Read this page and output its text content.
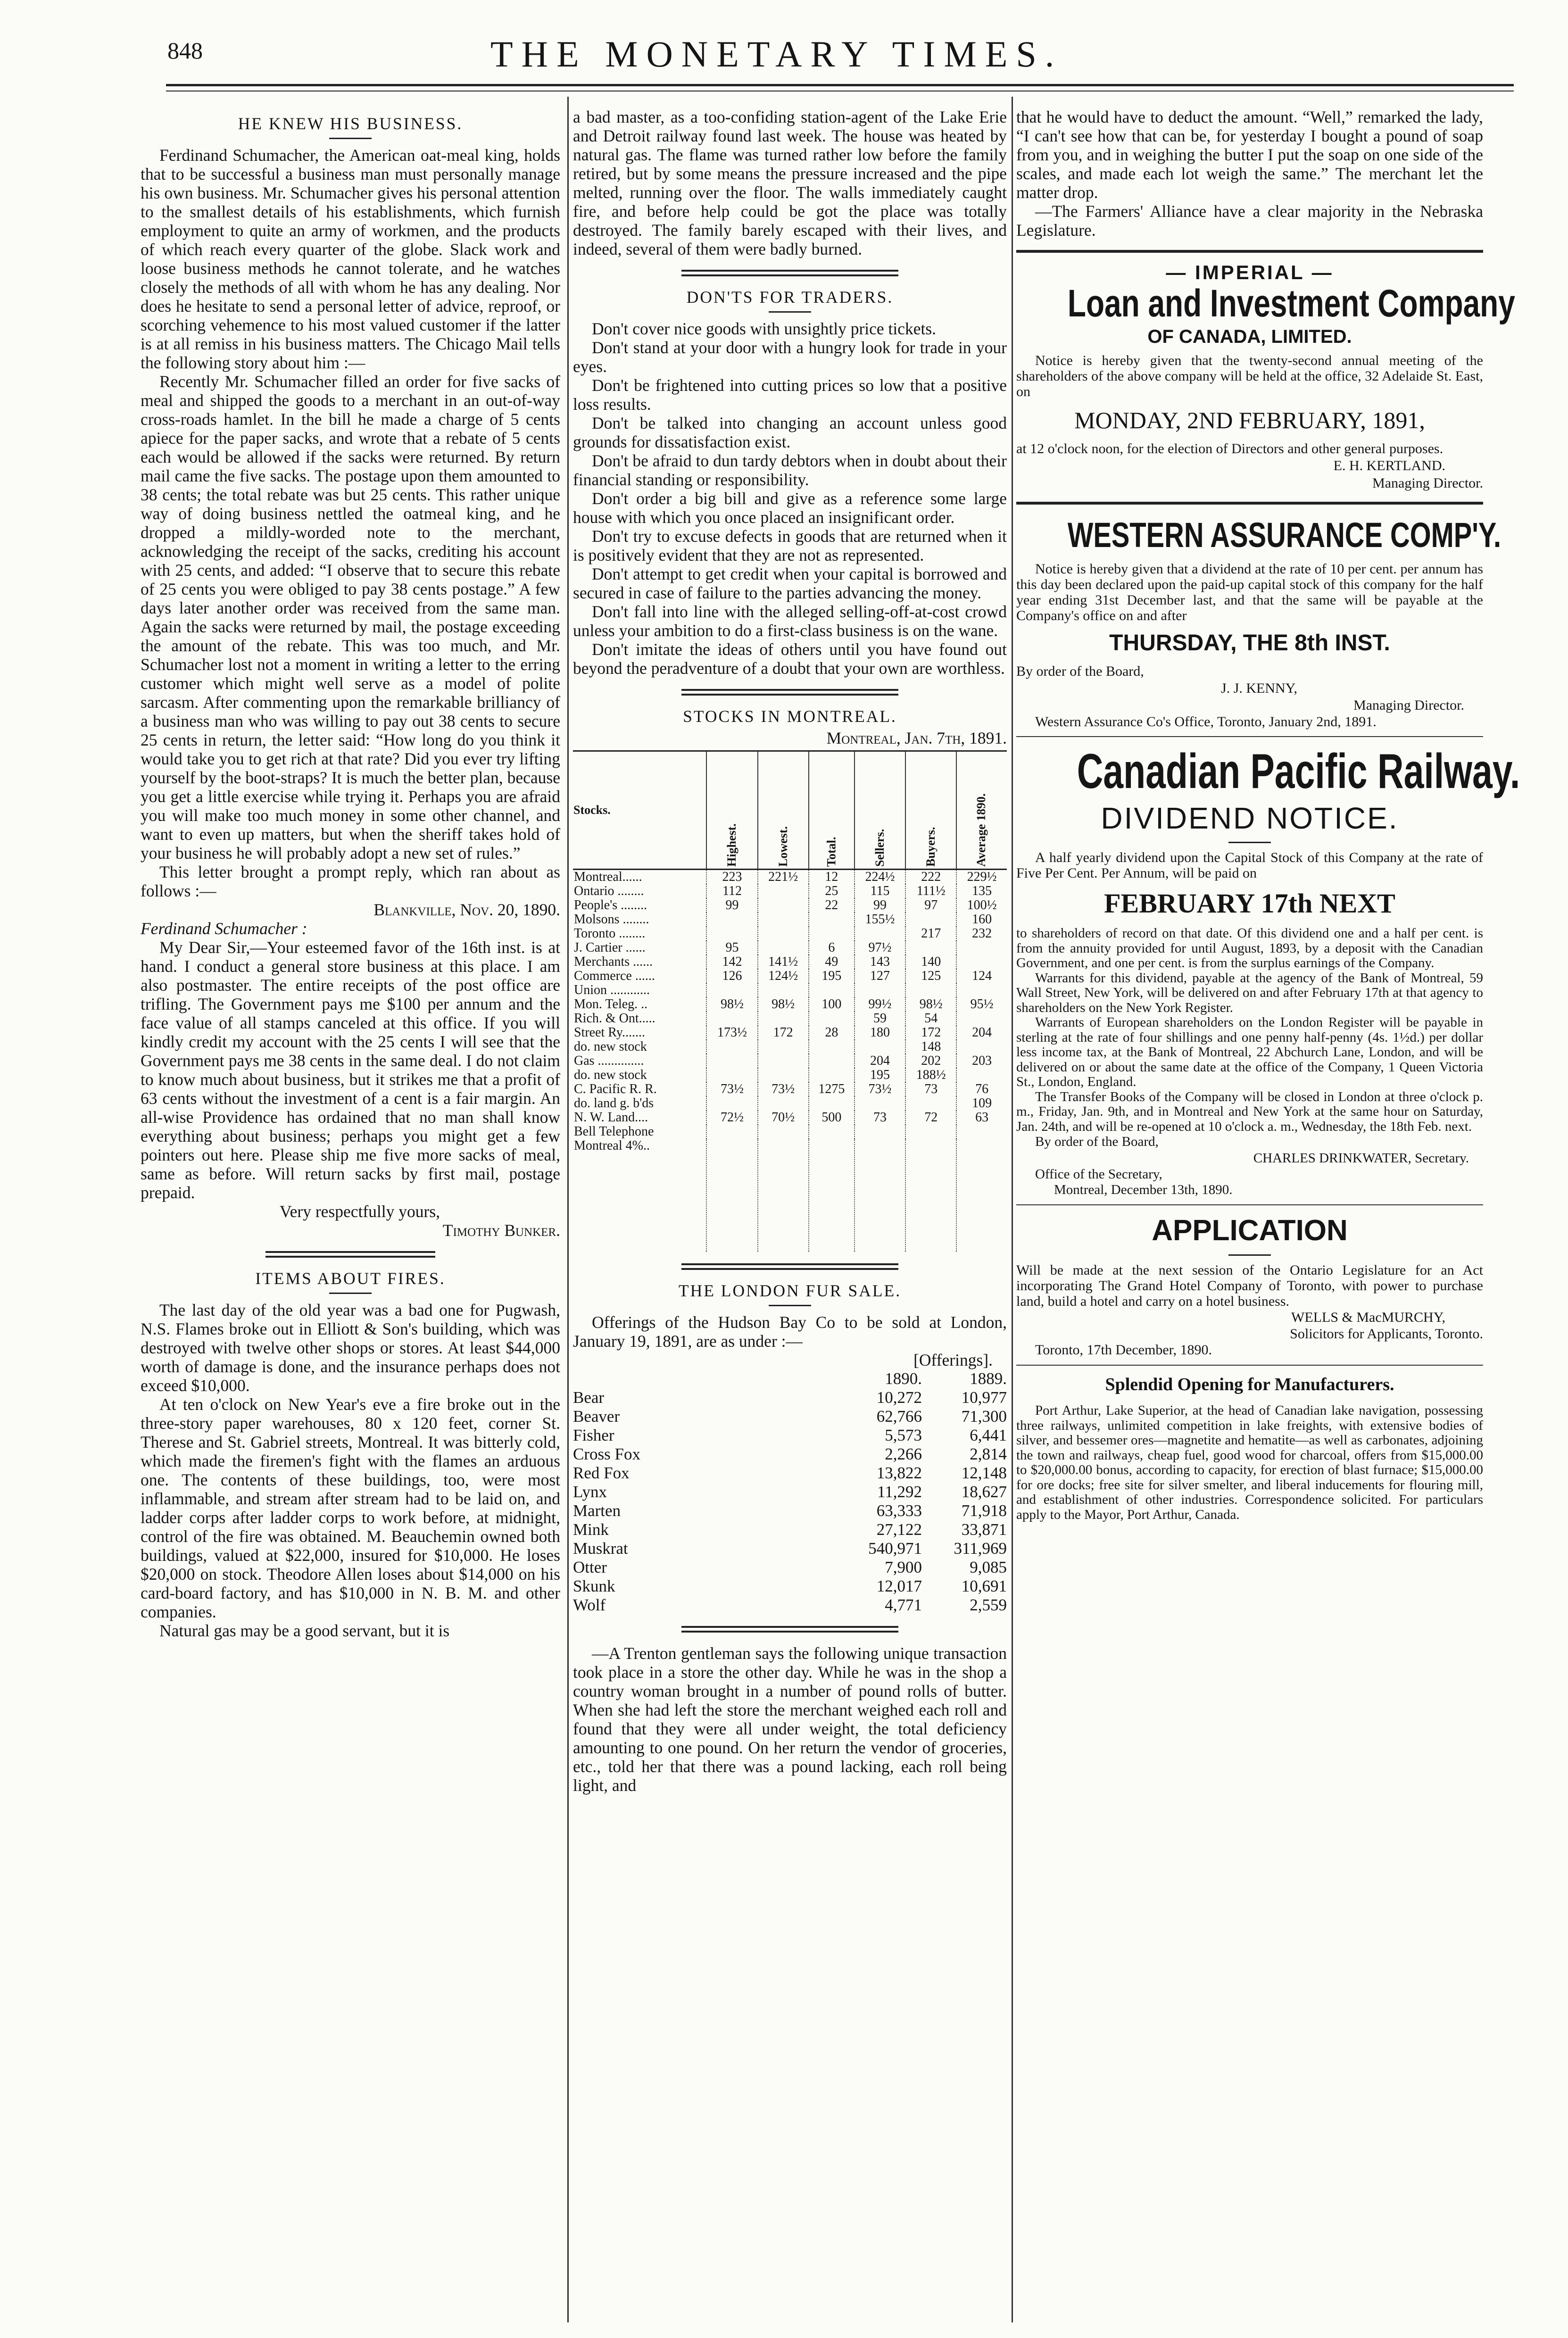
848	THE MONETARY TIMES.
HE KNEW HIS BUSINESS.

Ferdinand Schumacher, the American oat-meal king, holds that to be successful a business man must personally manage his own business. Mr. Schumacher gives his personal attention to the smallest details of his establishments, which furnish employment to quite an army of workmen, and the products of which reach every quarter of the globe. Slack work and loose business methods he cannot tolerate, and he watches closely the methods of all with whom he has any dealing. Nor does he hesitate to send a personal letter of advice, reproof, or scorching vehemence to his most valued customer if the latter is at all remiss in his business matters. The Chicago Mail tells the following story about him :—

Recently Mr. Schumacher filled an order for five sacks of meal and shipped the goods to a merchant in an out-of-way cross-roads hamlet. In the bill he made a charge of 5 cents apiece for the paper sacks, and wrote that a rebate of 5 cents each would be allowed if the sacks were returned. By return mail came the five sacks. The postage upon them amounted to 38 cents; the total rebate was but 25 cents. This rather unique way of doing business nettled the oatmeal king, and he dropped a mildly-worded note to the merchant, acknowledging the receipt of the sacks, crediting his account with 25 cents, and added: “I observe that to secure this rebate of 25 cents you were obliged to pay 38 cents postage.” A few days later another order was received from the same man. Again the sacks were returned by mail, the postage exceeding the amount of the rebate. This was too much, and Mr. Schumacher lost not a moment in writing a letter to the erring customer which might well serve as a model of polite sarcasm. After commenting upon the remarkable brilliancy of a business man who was willing to pay out 38 cents to secure 25 cents in return, the letter said: “How long do you think it would take you to get rich at that rate? Did you ever try lifting yourself by the boot-straps? It is much the better plan, because you get a little exercise while trying it. Perhaps you are afraid you will make too much money in some other channel, and want to even up matters, but when the sheriff takes hold of your business he will probably adopt a new set of rules.”

This letter brought a prompt reply, which ran about as follows :—

Blankville, Nov. 20, 1890.

Ferdinand Schumacher :

My Dear Sir,—Your esteemed favor of the 16th inst. is at hand. I conduct a general store business at this place. I am also postmaster. The entire receipts of the post office are trifling. The Government pays me $100 per annum and the face value of all stamps canceled at this office. If you will kindly credit my account with the 25 cents I will see that the Government pays me 38 cents in the same deal. I do not claim to know much about business, but it strikes me that a profit of 63 cents without the investment of a cent is a fair margin. An all-wise Providence has ordained that no man shall know everything about business; perhaps you might get a few pointers out here. Please ship me five more sacks of meal, same as before. Will return sacks by first mail, postage prepaid.

Very respectfully yours,

Timothy Bunker.

ITEMS ABOUT FIRES.

The last day of the old year was a bad one for Pugwash, N.S. Flames broke out in Elliott & Son's building, which was destroyed with twelve other shops or stores. At least $44,000 worth of damage is done, and the insurance perhaps does not exceed $10,000.

At ten o'clock on New Year's eve a fire broke out in the three-story paper warehouses, 80 x 120 feet, corner St. Therese and St. Gabriel streets, Montreal. It was bitterly cold, which made the firemen's fight with the flames an arduous one. The contents of these buildings, too, were most inflammable, and stream after stream had to be laid on, and ladder corps after ladder corps to work before, at midnight, control of the fire was obtained. M. Beauchemin owned both buildings, valued at $22,000, insured for $10,000. He loses $20,000 on stock. Theodore Allen loses about $14,000 on his card-board factory, and has $10,000 in N. B. M. and other companies.

Natural gas may be a good servant, but it is

a bad master, as a too-confiding station-agent of the Lake Erie and Detroit railway found last week. The house was heated by natural gas. The flame was turned rather low before the family retired, but by some means the pressure increased and the pipe melted, running over the floor. The walls immediately caught fire, and before help could be got the place was totally destroyed. The family barely escaped with their lives, and indeed, several of them were badly burned.

DON'TS FOR TRADERS.

Don't cover nice goods with unsightly price tickets.

Don't stand at your door with a hungry look for trade in your eyes.

Don't be frightened into cutting prices so low that a positive loss results.

Don't be talked into changing an account unless good grounds for dissatisfaction exist.

Don't be afraid to dun tardy debtors when in doubt about their financial standing or responsibility.

Don't order a big bill and give as a reference some large house with which you once placed an insignificant order.

Don't try to excuse defects in goods that are returned when it is positively evident that they are not as represented.

Don't attempt to get credit when your capital is borrowed and secured in case of failure to the parties advancing the money.

Don't fall into line with the alleged selling-off-at-cost crowd unless your ambition to do a first-class business is on the wane.

Don't imitate the ideas of others until you have found out beyond the peradventure of a doubt that your own are worthless.

STOCKS IN MONTREAL.

Montreal, Jan. 7th, 1891.

Stocks.	Highest.	Lowest.	Total.	Sellers.	Buyers.	Average 1890.
Montreal......	223	221½	12	224½	222	229½
Ontario ........	112		25	115	111½	135
People's ........	99		22	99	97	100½
Molsons ........				155½		160
Toronto ........					217	232
J. Cartier ......	95		6	97½		
Merchants ......	142	141½	49	143	140	
Commerce ......	126	124½	195	127	125	124
Union ............						
Mon. Teleg. ..	98½	98½	100	99½	98½	95½
Rich. & Ont.....				59	54	
Street Ry.......	173½	172	28	180	172	204
do. new stock					148	
Gas ..............				204	202	203
do. new stock				195	188½	
C. Pacific R. R.	73½	73½	1275	73½	73	76
do. land g. b'ds						109
N. W. Land....	72½	70½	500	73	72	63
Bell Telephone						
Montreal 4%..						
THE LONDON FUR SALE.

Offerings of the Hudson Bay Co to be sold at London, January 19, 1891, are as under :—

[Offerings].

	1890.	1889.
Bear	10,272	10,977
Beaver	62,766	71,300
Fisher	5,573	6,441
Cross Fox	2,266	2,814
Red Fox	13,822	12,148
Lynx	11,292	18,627
Marten	63,333	71,918
Mink	27,122	33,871
Muskrat	540,971	311,969
Otter	7,900	9,085
Skunk	12,017	10,691
Wolf	4,771	2,559

—A Trenton gentleman says the following unique transaction took place in a store the other day. While he was in the shop a country woman brought in a number of pound rolls of butter. When she had left the store the merchant weighed each roll and found that they were all under weight, the total deficiency amounting to one pound. On her return the vendor of groceries, etc., told her that there was a pound lacking, each roll being light, and

that he would have to deduct the amount. “Well,” remarked the lady, “I can't see how that can be, for yesterday I bought a pound of soap from you, and in weighing the butter I put the soap on one side of the scales, and made each lot weigh the same.” The merchant let the matter drop.

—The Farmers' Alliance have a clear majority in the Nebraska Legislature.

— IMPERIAL —
Loan and Investment Company
OF CANADA, LIMITED.

Notice is hereby given that the twenty-second annual meeting of the shareholders of the above company will be held at the office, 32 Adelaide St. East, on

MONDAY, 2ND FEBRUARY, 1891,

at 12 o'clock noon, for the election of Directors and other general purposes.

E. H. KERTLAND.

Managing Director.

WESTERN ASSURANCE COMP'Y.

Notice is hereby given that a dividend at the rate of 10 per cent. per annum has this day been declared upon the paid-up capital stock of this company for the half year ending 31st December last, and that the same will be payable at the Company's office on and after

THURSDAY, THE 8th INST.

By order of the Board,

J. J. KENNY,

Managing Director.

Western Assurance Co's Office, Toronto, January 2nd, 1891.

Canadian Pacific Railway.
DIVIDEND NOTICE.

A half yearly dividend upon the Capital Stock of this Company at the rate of Five Per Cent. Per Annum, will be paid on

FEBRUARY 17th NEXT

to shareholders of record on that date. Of this dividend one and a half per cent. is from the annuity provided for until August, 1893, by a deposit with the Canadian Government, and one per cent. is from the surplus earnings of the Company.

Warrants for this dividend, payable at the agency of the Bank of Montreal, 59 Wall Street, New York, will be delivered on and after February 17th at that agency to shareholders on the New York Register.

Warrants of European shareholders on the London Register will be payable in sterling at the rate of four shillings and one penny half-penny (4s. 1½d.) per dollar less income tax, at the Bank of Montreal, 22 Abchurch Lane, London, and will be delivered on or about the same date at the office of the Company, 1 Queen Victoria St., London, England.

The Transfer Books of the Company will be closed in London at three o'clock p. m., Friday, Jan. 9th, and in Montreal and New York at the same hour on Saturday, Jan. 24th, and will be re-opened at 10 o'clock a. m., Wednesday, the 18th Feb. next.

By order of the Board,

CHARLES DRINKWATER, Secretary.

Office of the Secretary,

Montreal, December 13th, 1890.

APPLICATION

Will be made at the next session of the Ontario Legislature for an Act incorporating The Grand Hotel Company of Toronto, with power to purchase land, build a hotel and carry on a hotel business.

WELLS & MacMURCHY,

Solicitors for Applicants, Toronto.

Toronto, 17th December, 1890.

Splendid Opening for Manufacturers.

Port Arthur, Lake Superior, at the head of Canadian lake navigation, possessing three railways, unlimited competition in lake freights, with extensive bodies of silver, and bessemer ores—magnetite and hematite—as well as carbonates, adjoining the town and railways, cheap fuel, good wood for charcoal, offers from $15,000.00 to $20,000.00 bonus, according to capacity, for erection of blast furnace; $15,000.00 for ore docks; free site for silver smelter, and liberal inducements for flouring mill, and establishment of other industries. Correspondence solicited. For particulars apply to the Mayor, Port Arthur, Canada.
